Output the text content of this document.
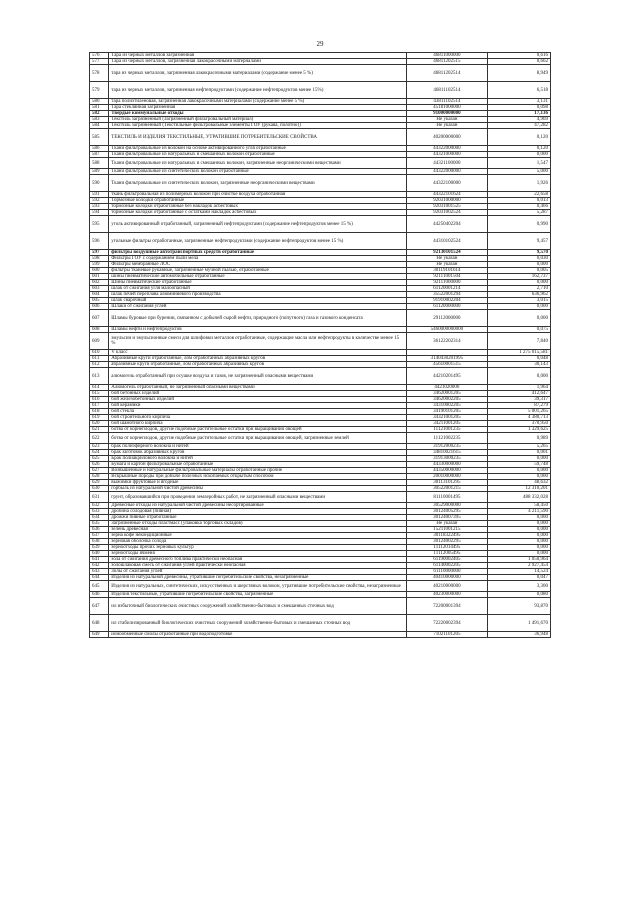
29
576	Тара из черных металлов загрязненная	46811000000	0,616
577	Тара из черных металлов, загрязненная лакокрасочными материалами	46811202515	0,662
578	тара из черных металлов, загрязненная лакокрасочными материалами (содержание менее 5 %)	46811202514	8,949
579	тара из черных металлов, загрязненная нефтепродуктами (содержание нефтепродуктов менее 15%)	46811102514	6,518
580	тара полиэтиленовая, загрязненная лакокрасочными материалами (содержание менее 5 %)	43811102514	3,131
581	Тара стеклянная загрязненная	45181000000	0,098
582	Твердые коммунальные отходы	91000000000	17,136
583	Текстиль загрязненный (Загрязненный фильтровальный материал)	Не указан	4,969
584	Текстиль загрязненный (Текстильные фильтровальные элементы ГОУ (рукава, полотно))	Не указан	47,282
585	ТЕКСТИЛЬ И ИЗДЕЛИЯ ТЕКСТИЛЬНЫЕ, УТРАТИВШИЕ ПОТРЕБИТЕЛЬСКИЕ СВОЙСТВА	40200000000	0,120
586	Ткани фильтровальные из волокон на основе активированного угля отработанные	44322000000	0,120
587	Ткани фильтровальные из натуральных и смешанных волокон отработанные	44321000000	0,000
588	Ткани фильтровальные из натуральных и смешанных волокон, загрязненные неорганическими веществами	44321100000	1,547
589	Ткани фильтровальные из синтетических волокон отработанные	44322000000	5,000
590	Ткани фильтровальные из синтетических волокон, загрязненные неорганическими веществами	44322100000	1,926
591	ткань фильтровальная из полимерных волокон при очистке воздуха отработанная	44322101624	22,658
592	Тормозные колодки отработанные	92031000000	0,013
593	тормозные колодки отработанные без накладок асбестовых	92031001525	0,466
594	тормозные колодки отработанные с остатками накладок асбестовых	92031002524	5,287
595	уголь активированный отработанный, загрязненный нефтепродуктами (содержание нефтепродуктов менее 15 %)	44250402204	0,990
596	угольные фильтры отработанные, загрязненные нефтепродуктами (содержание нефтепродуктов менее 15 %)	44310102524	9,457
597	фильтры воздушные автотранспортных средств отработанные	92130101524	9,570
598	Фильтры ГОУ с содержанием пыли мела	Не указан	0,030
599	Фильтры мембранные ЛОС	Не указан	0,000
600	фильтры тканевые рукавные, загрязненные мучной пылью, отработанные	30119101614	0,005
601	шины пневматические автомобильные отработанные	92111001504	162,737
602	Шины пневматические отработанные	92111000000	0,000
603	шлак от сжигания угля малоопасный	61120001214	2,710
604	шлак печей переплава алюминиевого производства	35522001294	636,962
605	шлак сварочный	91910002204	3,015
606	Шлаки от сжигания углей	61120000000	0,000
607	Шламы буровые при бурении, связанном с добычей сырой нефти, природного (попутного) газа и газового конденсата	29112000000	0,000
608	Шламы нефти и нефтепродуктов	5460000000000	0,075
609	эмульсии и эмульсионные смеси для шлифовки металлов отработанные, содержащие масла или нефтепродукты в количестве менее 15 %	36122202314	7,840
610	V класс		1 275 015,581
611	Абразивные круги отработанные, лом отработанных абразивных кругов	3140430201995	0,048
612	абразивные круги отработанные, лом отработанных абразивных кругов	45610001515	30,143
613	алюмогель отработанный при осушке воздуха и газов, не загрязненный опасными веществами	44210201495	0,000
614	Алюмогель отработанный, не загрязненный опасными веществами	4421020000	1,964
615	бой бетонных изделий	34620001205	412,647
616	бой железобетонных изделий	34620002205	39,317
617	бой керамики	34310002205	87,279
618	бой стекла	34190101205	5 001,265
619	бой строительного кирпича	34321001205	4 380,713
620	бой шамотного кирпича	34211001205	370,950
621	ботва от корнеплодов, другие подобные растительные остатки при выращивании овощей	11121001235	1 329,625
622	ботва от корнеплодов, другие подобные растительные остатки при выращивании овощей, загрязненные землей	11121002235	0,989
623	брак полиэфирного волокна и нитей	31912000235	5,265
624	брак заготовок абразивных кругов	34810021615	0,001
625	Брак полиакрилового волокна и нитей	31913000235	0,000
626	Бумага и картон фильтровальные отработанные	44330000000	59,748
627	Возвышенные и натуральные фильтровальные материалы отработанные прочие	44350000000	0,000
628	Вскрышные породы при добыче полезных ископаемых открытым способом	20010000000	0,000
629	выжимки фруктовые и ягодные	30113101295	48,632
630	горбыль из натуральной чистой древесины	30522001215	12 310,201
631	грунт, образовавшийся при проведении землеройных работ, не загрязненный опасными веществами	81110001495	488 332,028
632	Древесные отходы из натуральной чистой древесины несортированные	30529000000	58,450
633	дробина солодовая (пивная)	30124005295	4 211,590
634	дрожжи пивные отработанные	30124007395	0,000
635	Загрязненные отходы пластмасс (упаковка торговых складов)	Не указан	0,000
636	зелень древесная	15211001215	0,000
637	зерна кофе некондиционные	30118322495	0,000
638	зерновая оболочка солода	30124002295	0,000
639	зерноотходы прочих зерновых культур	11112014495	0,000
640	зерноотходы ячменя	11112005495	0,000
641	зола от сжигания древесного топлива практически неопасная	61190002405	1 050,964
642	золошлаковая смесь от сжигания углей практически неопасная	61140002205	2 927,454
643	Золы от сжигания углей	61110000000	14,524
644	Изделия из натуральной древесины, утратившие потребительские свойства, незагрязненные	40410000000	0,047
645	Изделия из натуральных, синтетических, искусственных и шерстяных волокон, утратившие потребительские свойства, незагрязненные	40210000000	3,300
646	Изделия текстильные, утратившие потребительские свойства, загрязненные	40230000000	0,080
647	ил избыточный биологических очистных сооружений хозяйственно-бытовых и смешанных сточных вод	72200001394	93,870
648	ил стабилизированный биологических очистных сооружений хозяйственно-бытовых и смешанных сточных вод	72220002394	1 491,670
649	ионообменные смолы отработанные при водоподготовке	71021101205	36,948
